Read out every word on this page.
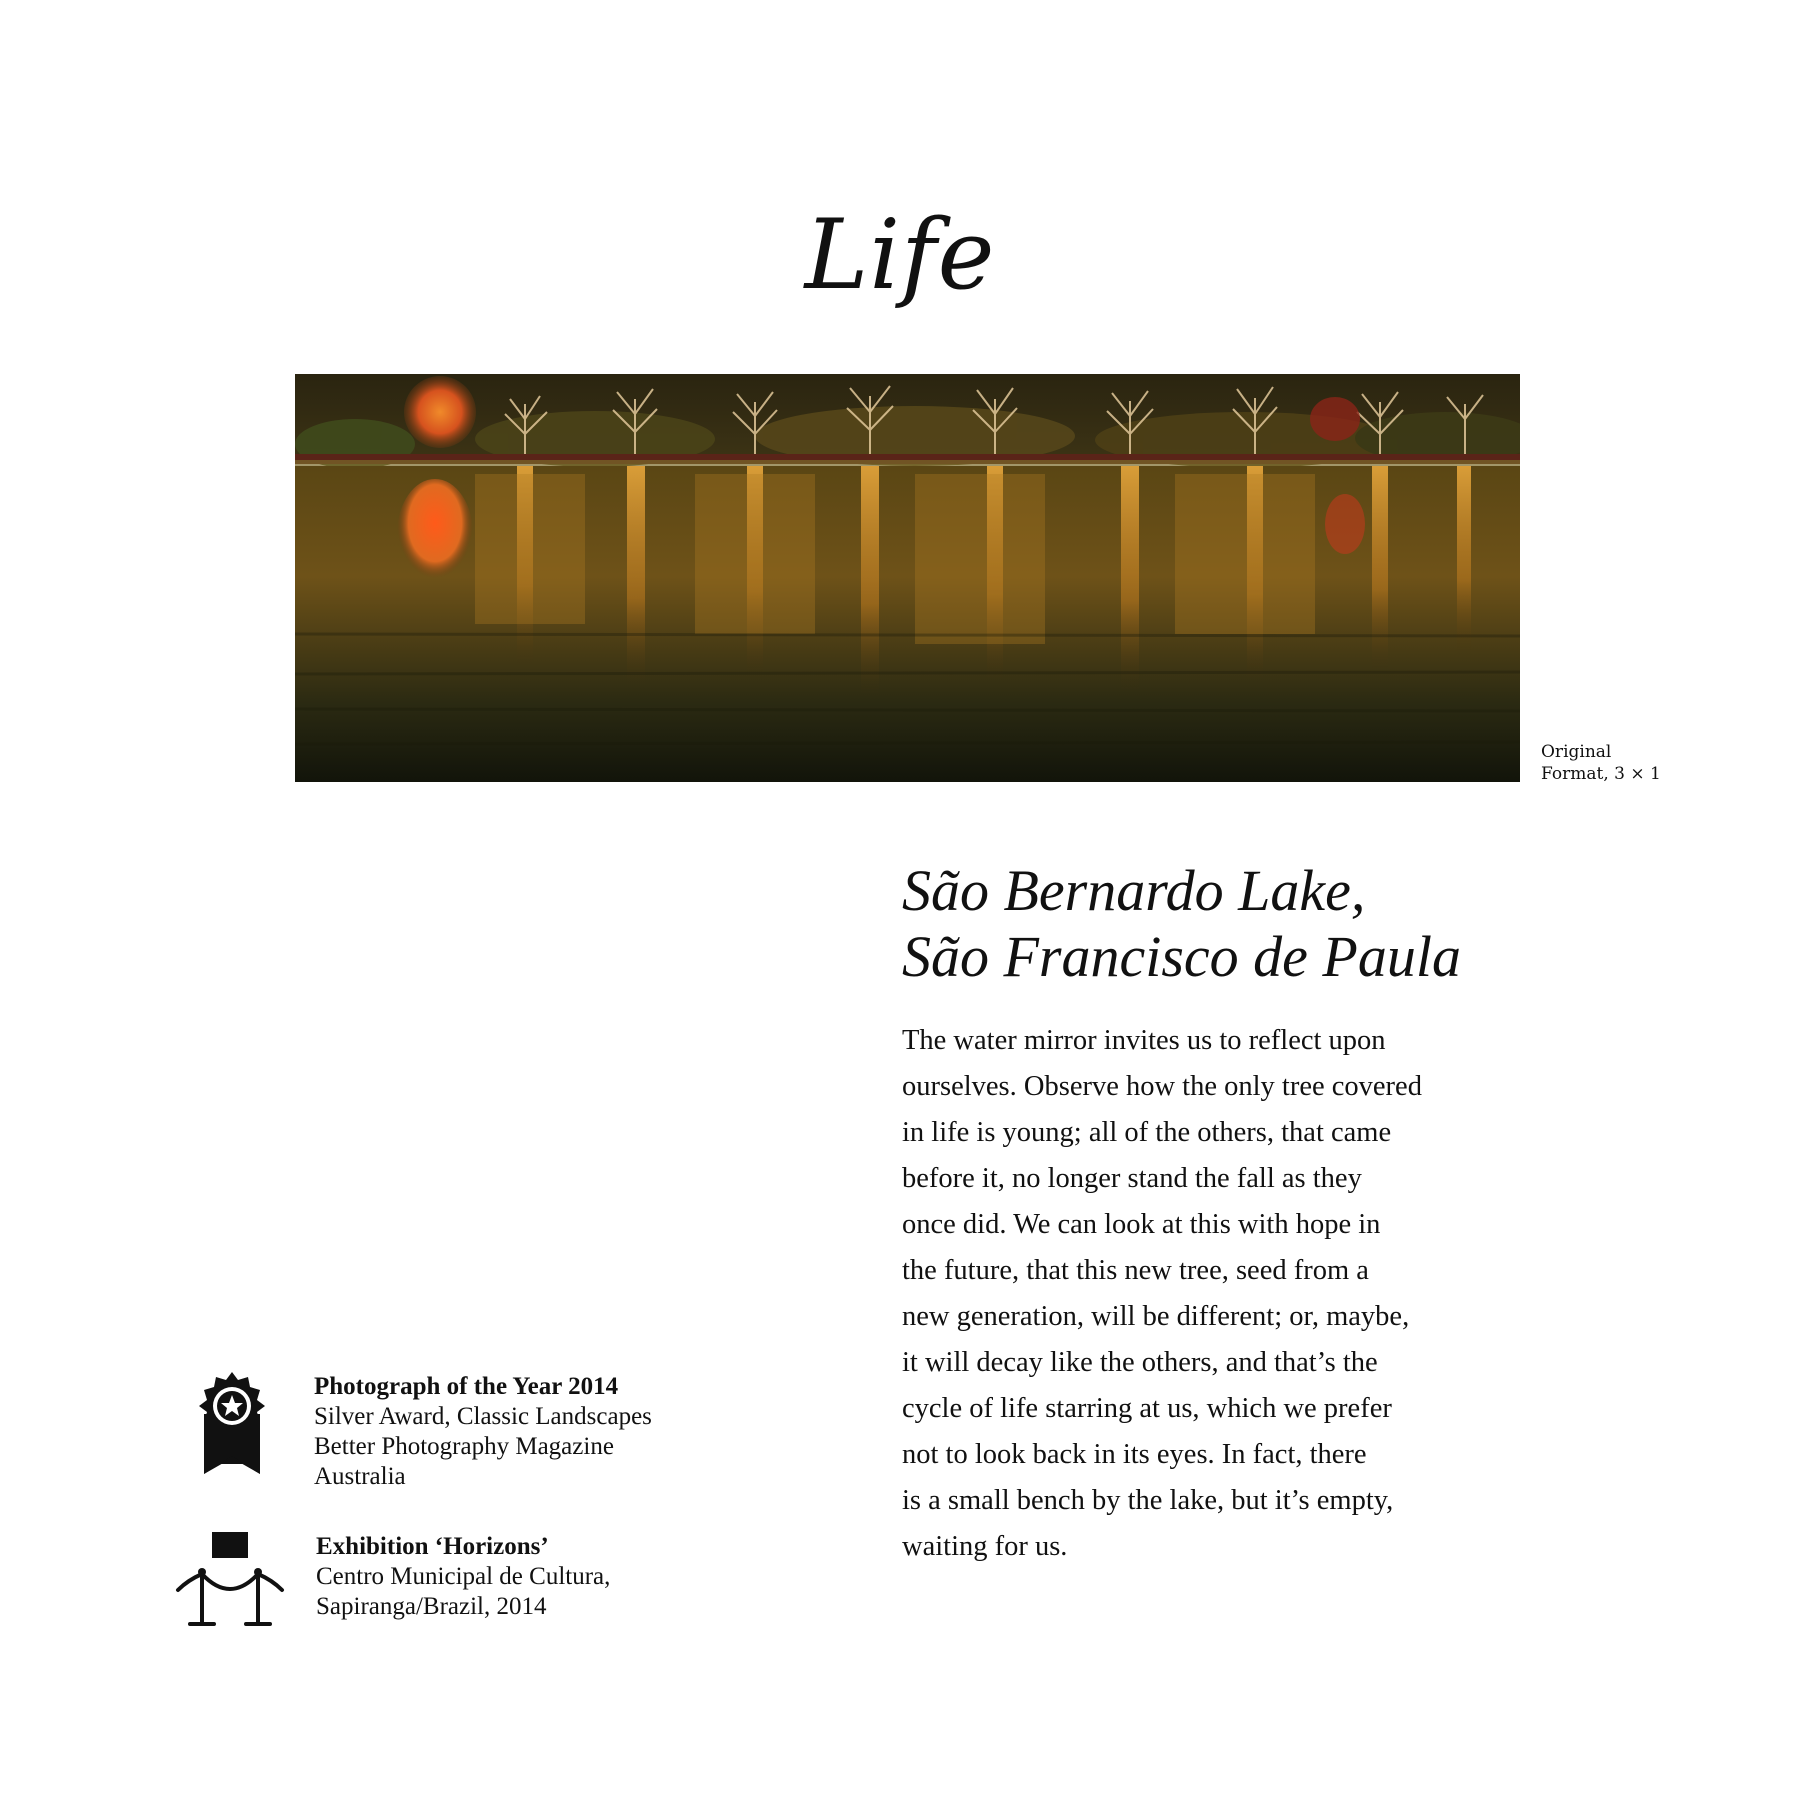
Life
Original
Format, 3 × 1
São Bernardo Lake,
São Francisco de Paula
The water mirror invites us to reflect upon
ourselves. Observe how the only tree covered
in life is young; all of the others, that came
before it, no longer stand the fall as they
once did. We can look at this with hope in
the future, that this new tree, seed from a
new generation, will be different; or, maybe,
it will decay like the others, and that’s the
cycle of life starring at us, which we prefer
not to look back in its eyes. In fact, there
is a small bench by the lake, but it’s empty,
waiting for us.
Photograph of the Year 2014
Silver Award, Classic Landscapes
Better Photography Magazine
Australia
Exhibition ‘Horizons’
Centro Municipal de Cultura,
Sapiranga/Brazil, 2014
